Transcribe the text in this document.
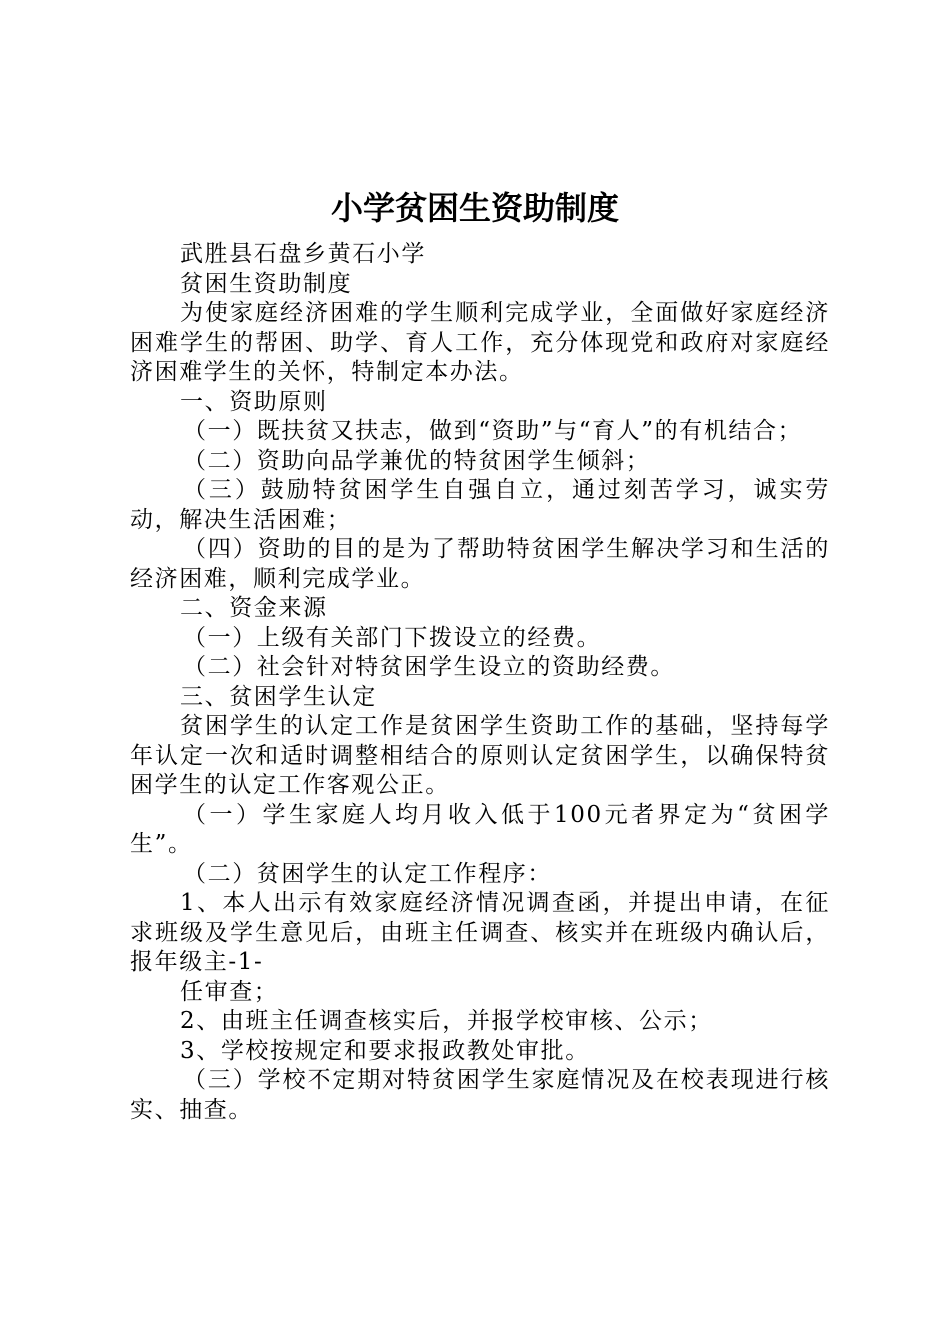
小学贫困生资助制度

武胜县石盘乡黄石小学

贫困生资助制度

为使家庭经济困难的学生顺利完成学业，全面做好家庭经济困难学生的帮困、助学、育人工作，充分体现党和政府对家庭经济困难学生的关怀，特制定本办法。

一、资助原则

（一）既扶贫又扶志，做到“资助”与“育人”的有机结合；

（二）资助向品学兼优的特贫困学生倾斜；

（三）鼓励特贫困学生自强自立，通过刻苦学习，诚实劳动，解决生活困难；

（四）资助的目的是为了帮助特贫困学生解决学习和生活的经济困难，顺利完成学业。

二、资金来源

（一）上级有关部门下拨设立的经费。

（二）社会针对特贫困学生设立的资助经费。

三、贫困学生认定

贫困学生的认定工作是贫困学生资助工作的基础，坚持每学年认定一次和适时调整相结合的原则认定贫困学生，以确保特贫困学生的认定工作客观公正。

（一）学生家庭人均月收入低于100元者界定为“贫困学生”。

（二）贫困学生的认定工作程序：

1、本人出示有效家庭经济情况调查函，并提出申请，在征求班级及学生意见后，由班主任调查、核实并在班级内确认后，报年级主-1-

任审查；

2、由班主任调查核实后，并报学校审核、公示；

3、学校按规定和要求报政教处审批。

（三）学校不定期对特贫困学生家庭情况及在校表现进行核实、抽查。
